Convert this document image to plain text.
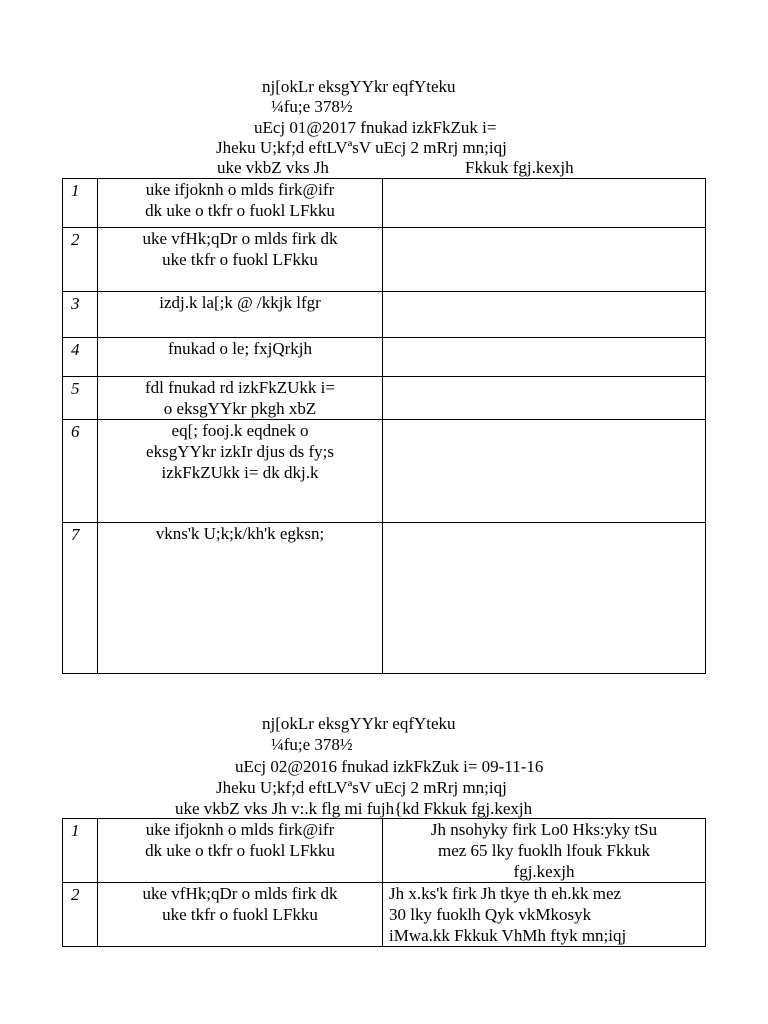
nj[okLr eksgYYkr eqfYteku
¼fu;e 378½
uEcj 01@2017 fnukad izkFkZuk i=
Jheku U;kf;d eftLVªsV uEcj 2 mRrj mn;iqj
uke vkbZ vks Jh	Fkkuk fgj.kexjh
1	uke ifjoknh o mlds firk@ifr
dk uke o tkfr o fuokl LFkku	

2	uke vfHk;qDr o mlds firk dk
uke tkfr o fuokl LFkku	

3	izdj.k la[;k @ /kkjk lfgr	

4	fnukad o le; fxjQrkjh	

5	fdl fnukad rd izkFkZUkk i=
o eksgYYkr pkgh xbZ	

6	eq[; fooj.k eqdnek o
eksgYYkr izkIr djus ds fy;s
izkFkZUkk i= dk dkj.k	

7	vkns'k U;k;k/kh'k egksn;	

nj[okLr eksgYYkr eqfYteku
¼fu;e 378½
uEcj 02@2016 fnukad izkFkZuk i= 09-11-16
Jheku U;kf;d eftLVªsV uEcj 2 mRrj mn;iqj
uke vkbZ vks Jh v:.k flg mi fujh{kd Fkkuk fgj.kexjh
1	uke ifjoknh o mlds firk@ifr
dk uke o tkfr o fuokl LFkku	Jh nsohyky firk Lo0 Hks:yky tSu
mez 65 lky fuoklh lfouk Fkkuk
fgj.kexjh

2	uke vfHk;qDr o mlds firk dk
uke tkfr o fuokl LFkku	Jh x.ks'k firk Jh tkye th eh.kk mez
30 lky fuoklh Qyk vkMkosyk
iMwa.kk Fkkuk VhMh ftyk mn;iqj
